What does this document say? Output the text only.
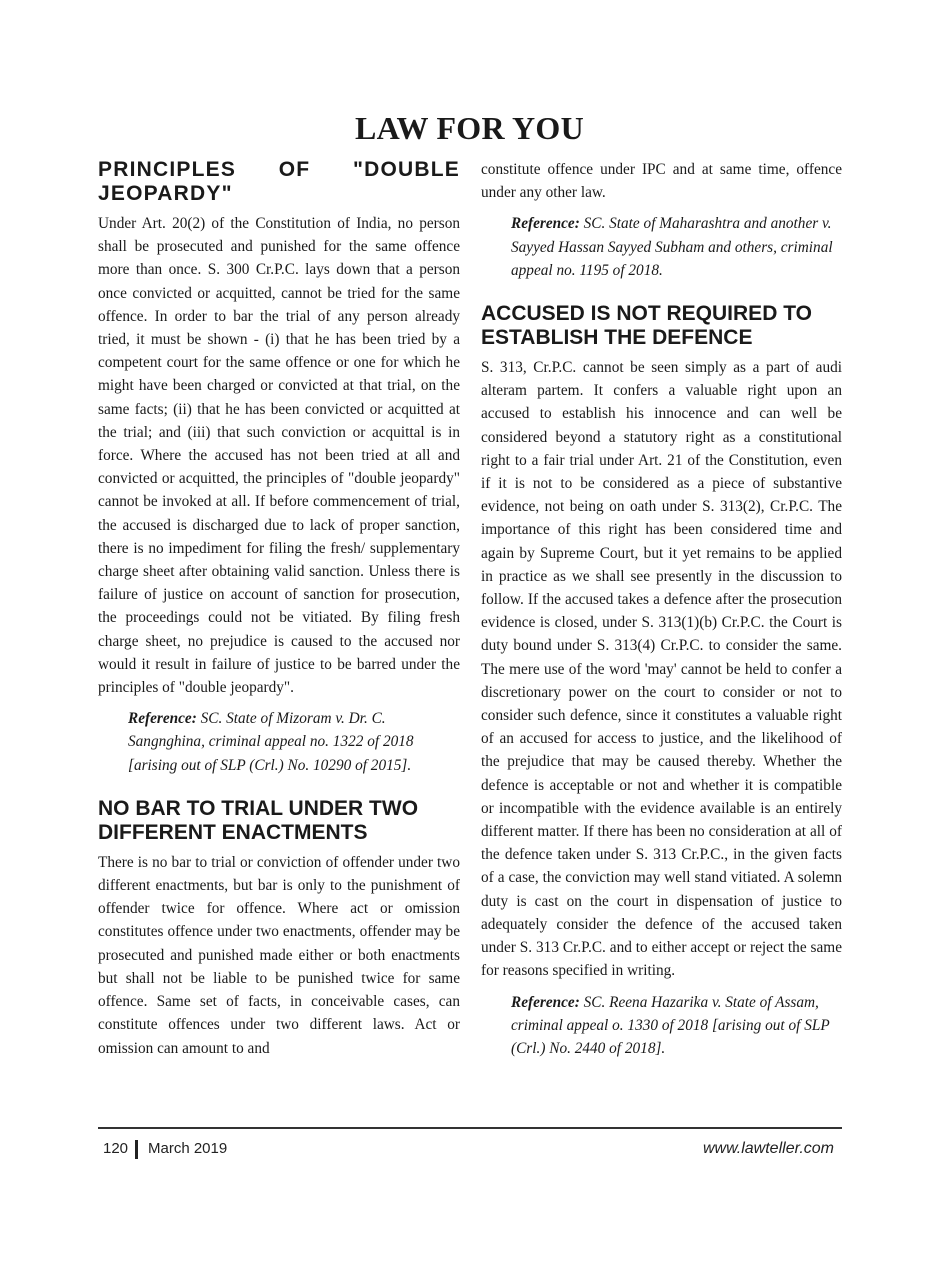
LAW FOR YOU
PRINCIPLES OF "DOUBLE JEOPARDY"

Under Art. 20(2) of the Constitution of India, no person shall be prosecuted and punished for the same offence more than once. S. 300 Cr.P.C. lays down that a person once convicted or acquitted, cannot be tried for the same offence. In order to bar the trial of any person already tried, it must be shown - (i) that he has been tried by a competent court for the same offence or one for which he might have been charged or convicted at that trial, on the same facts; (ii) that he has been convicted or acquitted at the trial; and (iii) that such conviction or acquittal is in force. Where the accused has not been tried at all and convicted or acquitted, the principles of "double jeopardy" cannot be invoked at all. If before commencement of trial, the accused is discharged due to lack of proper sanction, there is no impediment for filing the fresh/ supplementary charge sheet after obtaining valid sanction. Unless there is failure of justice on account of sanction for prosecution, the proceedings could not be vitiated. By filing fresh charge sheet, no prejudice is caused to the accused nor would it result in failure of justice to be barred under the principles of "double jeopardy".

Reference: SC. State of Mizoram v. Dr. C. Sangnghina, criminal appeal no. 1322 of 2018 [arising out of SLP (Crl.) No. 10290 of 2015].
NO BAR TO TRIAL UNDER TWO DIFFERENT ENACTMENTS

There is no bar to trial or conviction of offender under two different enactments, but bar is only to the punishment of offender twice for offence. Where act or omission constitutes offence under two enactments, offender may be prosecuted and punished made either or both enactments but shall not be liable to be punished twice for same offence. Same set of facts, in conceivable cases, can constitute offences under two different laws. Act or omission can amount to and

constitute offence under IPC and at same time, offence under any other law.

Reference: SC. State of Maharashtra and another v. Sayyed Hassan Sayyed Subham and others, criminal appeal no. 1195 of 2018.
ACCUSED IS NOT REQUIRED TO ESTABLISH THE DEFENCE

S. 313, Cr.P.C. cannot be seen simply as a part of audi alteram partem. It confers a valuable right upon an accused to establish his innocence and can well be considered beyond a statutory right as a constitutional right to a fair trial under Art. 21 of the Constitution, even if it is not to be considered as a piece of substantive evidence, not being on oath under S. 313(2), Cr.P.C. The importance of this right has been considered time and again by Supreme Court, but it yet remains to be applied in practice as we shall see presently in the discussion to follow. If the accused takes a defence after the prosecution evidence is closed, under S. 313(1)(b) Cr.P.C. the Court is duty bound under S. 313(4) Cr.P.C. to consider the same. The mere use of the word 'may' cannot be held to confer a discretionary power on the court to consider or not to consider such defence, since it constitutes a valuable right of an accused for access to justice, and the likelihood of the prejudice that may be caused thereby. Whether the defence is acceptable or not and whether it is compatible or incompatible with the evidence available is an entirely different matter. If there has been no consideration at all of the defence taken under S. 313 Cr.P.C., in the given facts of a case, the conviction may well stand vitiated. A solemn duty is cast on the court in dispensation of justice to adequately consider the defence of the accused taken under S. 313 Cr.P.C. and to either accept or reject the same for reasons specified in writing.

Reference: SC. Reena Hazarika v. State of Assam, criminal appeal o. 1330 of 2018 [arising out of SLP (Crl.) No. 2440 of 2018].
120 March 2019	www.lawteller.com
